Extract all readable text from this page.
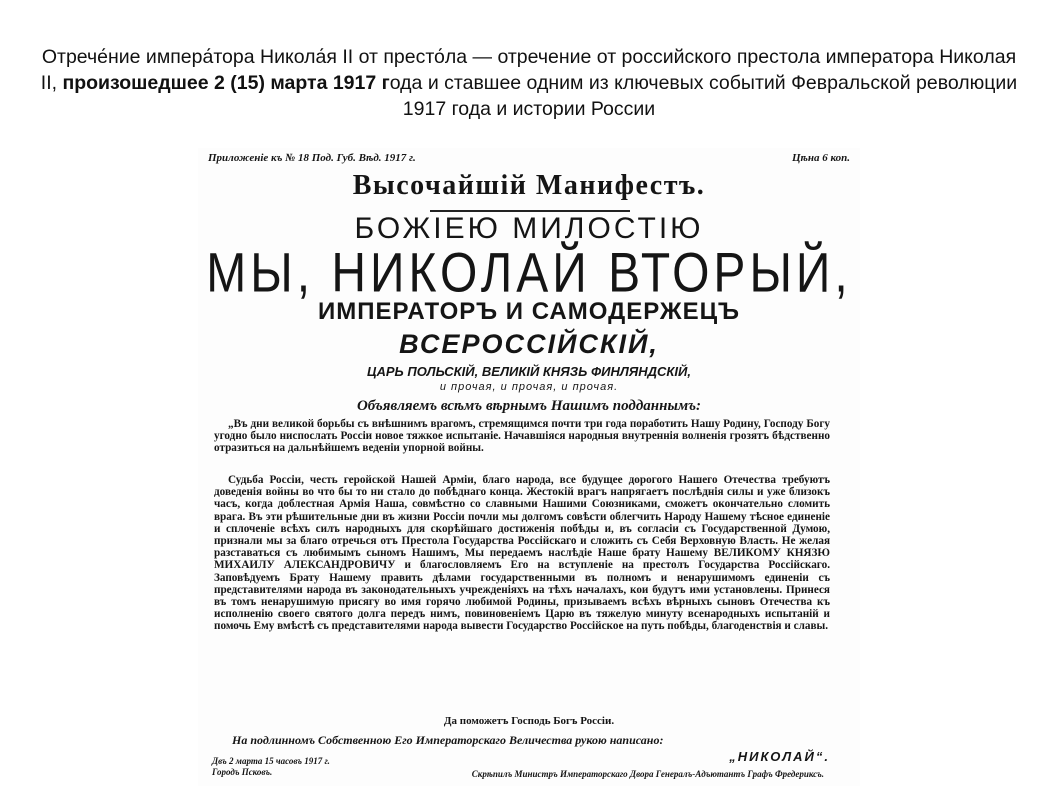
Отрече́ние импера́тора Никола́я II от престо́ла — отречение от российского престола императора Николая II, произошедшее 2 (15) марта 1917 года и ставшее одним из ключевых событий Февральской революции 1917 года и истории России
Приложеніе къ № 18 Под. Губ. Вѣд. 1917 г.	Цѣна 6 коп.
Высочайшій Манифестъ.
БОЖІЕЮ МИЛОСТІЮ
МЫ, НИКОЛАЙ ВТОРЫЙ,
ИМПЕРАТОРЪ И САМОДЕРЖЕЦЪ
ВСЕРОССІЙСКІЙ,
ЦАРЬ ПОЛЬСКІЙ, ВЕЛИКІЙ КНЯЗЬ ФИНЛЯНДСКІЙ,
и прочая, и прочая, и прочая.
Объявляемъ всѣмъ вѣрнымъ Нашимъ подданнымъ:
„Въ дни великой борьбы съ внѣшнимъ врагомъ, стремящимся почти три года поработить Нашу Родину, Господу Богу угодно было ниспослать Россіи новое тяжкое испытаніе. Начавшіяся народныя внутреннія волненія грозятъ бѣдственно отразиться на дальнѣйшемъ веденіи упорной войны.
Судьба Россіи, честь геройской Нашей Арміи, благо народа, все будущее дорогого Нашего Отечества требуютъ доведенія войны во что бы то ни стало до побѣднаго конца. Жестокій врагъ напрягаетъ послѣднія силы и уже близокъ часъ, когда доблестная Армія Наша, совмѣстно со славными Нашими Союзниками, сможетъ окончательно сломить врага. Въ эти рѣшительные дни въ жизни Россіи почли мы долгомъ совѣсти облегчить Народу Нашему тѣсное единеніе и сплоченіе всѣхъ силъ народныхъ для скорѣйшаго достиженія побѣды и, въ согласіи съ Государственной Думою, признали мы за благо отречься отъ Престола Государства Россійскаго и сложить съ Себя Верховную Власть. Не желая разставаться съ любимымъ сыномъ Нашимъ, Мы передаемъ наслѣдіе Наше брату Нашему ВЕЛИКОМУ КНЯЗЮ МИХАИЛУ АЛЕКСАНДРОВИЧУ и благословляемъ Его на вступленіе на престолъ Государства Россійскаго. Заповѣдуемъ Брату Нашему править дѣлами государственными въ полномъ и ненарушимомъ единеніи съ представителями народа въ законодательныхъ учрежденіяхъ на тѣхъ началахъ, кои будутъ ими установлены. Принеся въ томъ ненарушимую присягу во имя горячо любимой Родины, призываемъ всѣхъ вѣрныхъ сыновъ Отечества къ исполненію своего святого долга передъ нимъ, повиновеніемъ Царю въ тяжелую минуту всенародныхъ испытаній и помочь Ему вмѣстѣ съ представителями народа вывести Государство Россійское на путь побѣды, благоденствія и славы.
Да поможетъ Господь Богъ Россіи.
На подлинномъ Собственною Его Императорскаго Величества рукою написано:
„НИКОЛАЙ“.
Двъ 2 марта 15 часовъ 1917 г.
Городъ Псковъ.	Скрѣпилъ Министръ Императорскаго Двора Генералъ-Адъютантъ Графъ Фредериксъ.
